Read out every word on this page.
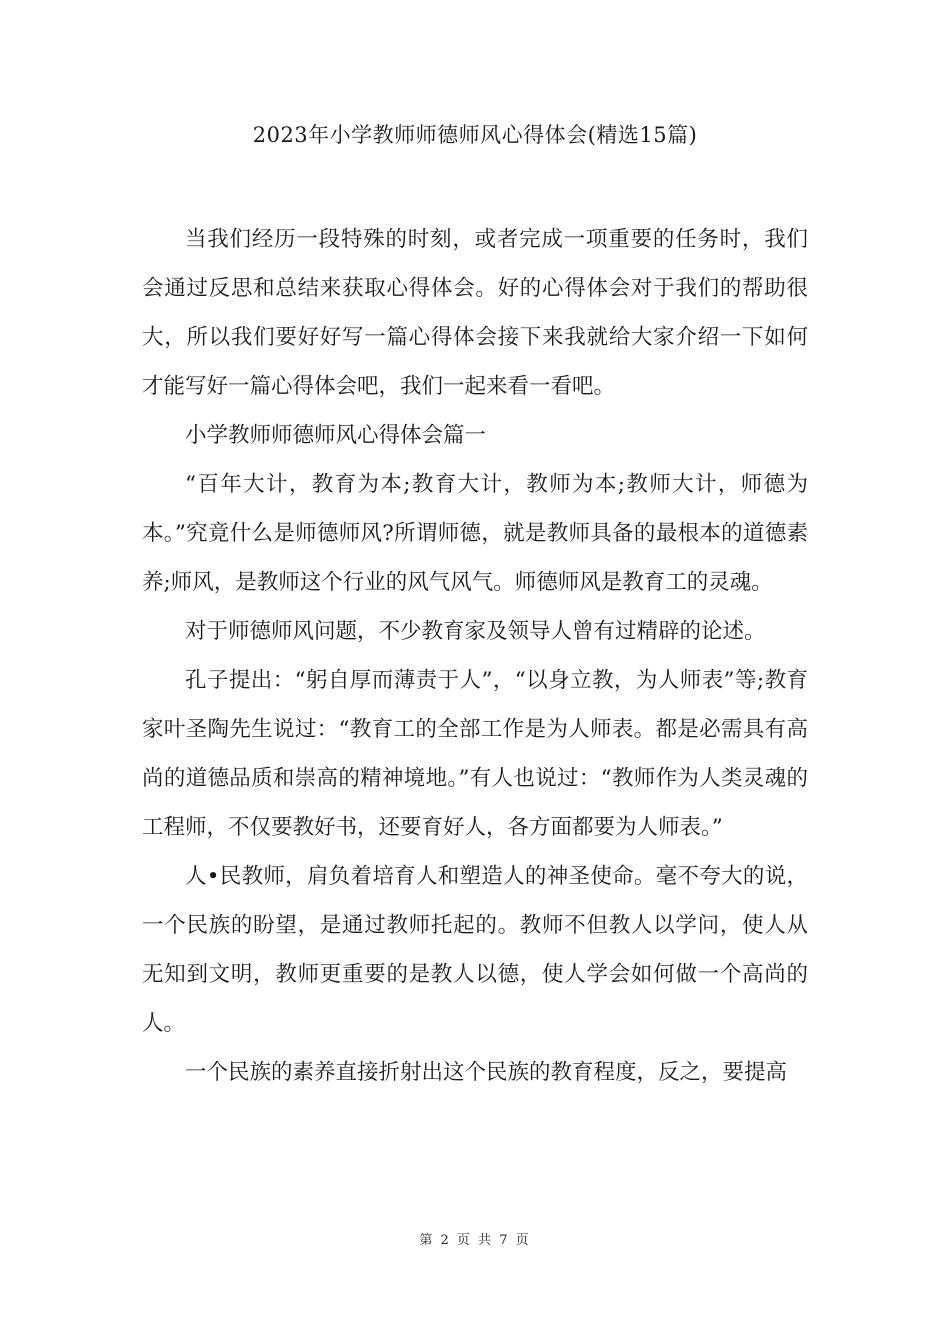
2023年小学教师师德师风心得体会(精选15篇)

当我们经历一段特殊的时刻，或者完成一项重要的任务时，我们会通过反思和总结来获取心得体会。好的心得体会对于我们的帮助很大，所以我们要好好写一篇心得体会接下来我就给大家介绍一下如何才能写好一篇心得体会吧，我们一起来看一看吧。

小学教师师德师风心得体会篇一

“百年大计，教育为本;教育大计，教师为本;教师大计，师德为本。”究竟什么是师德师风?所谓师德，就是教师具备的最根本的道德素养;师风，是教师这个行业的风气风气。师德师风是教育工的灵魂。

对于师德师风问题，不少教育家及领导人曾有过精辟的论述。

孔子提出：“躬自厚而薄责于人”，“以身立教，为人师表”等;教育家叶圣陶先生说过：“教育工的全部工作是为人师表。都是必需具有高尚的道德品质和崇高的精神境地。”有人也说过：“教师作为人类灵魂的工程师，不仅要教好书，还要育好人，各方面都要为人师表。”

人•民教师，肩负着培育人和塑造人的神圣使命。毫不夸大的说，一个民族的盼望，是通过教师托起的。教师不但教人以学问，使人从无知到文明，教师更重要的是教人以德，使人学会如何做一个高尚的人。

一个民族的素养直接折射出这个民族的教育程度，反之，要提高

第 2 页 共 7 页
